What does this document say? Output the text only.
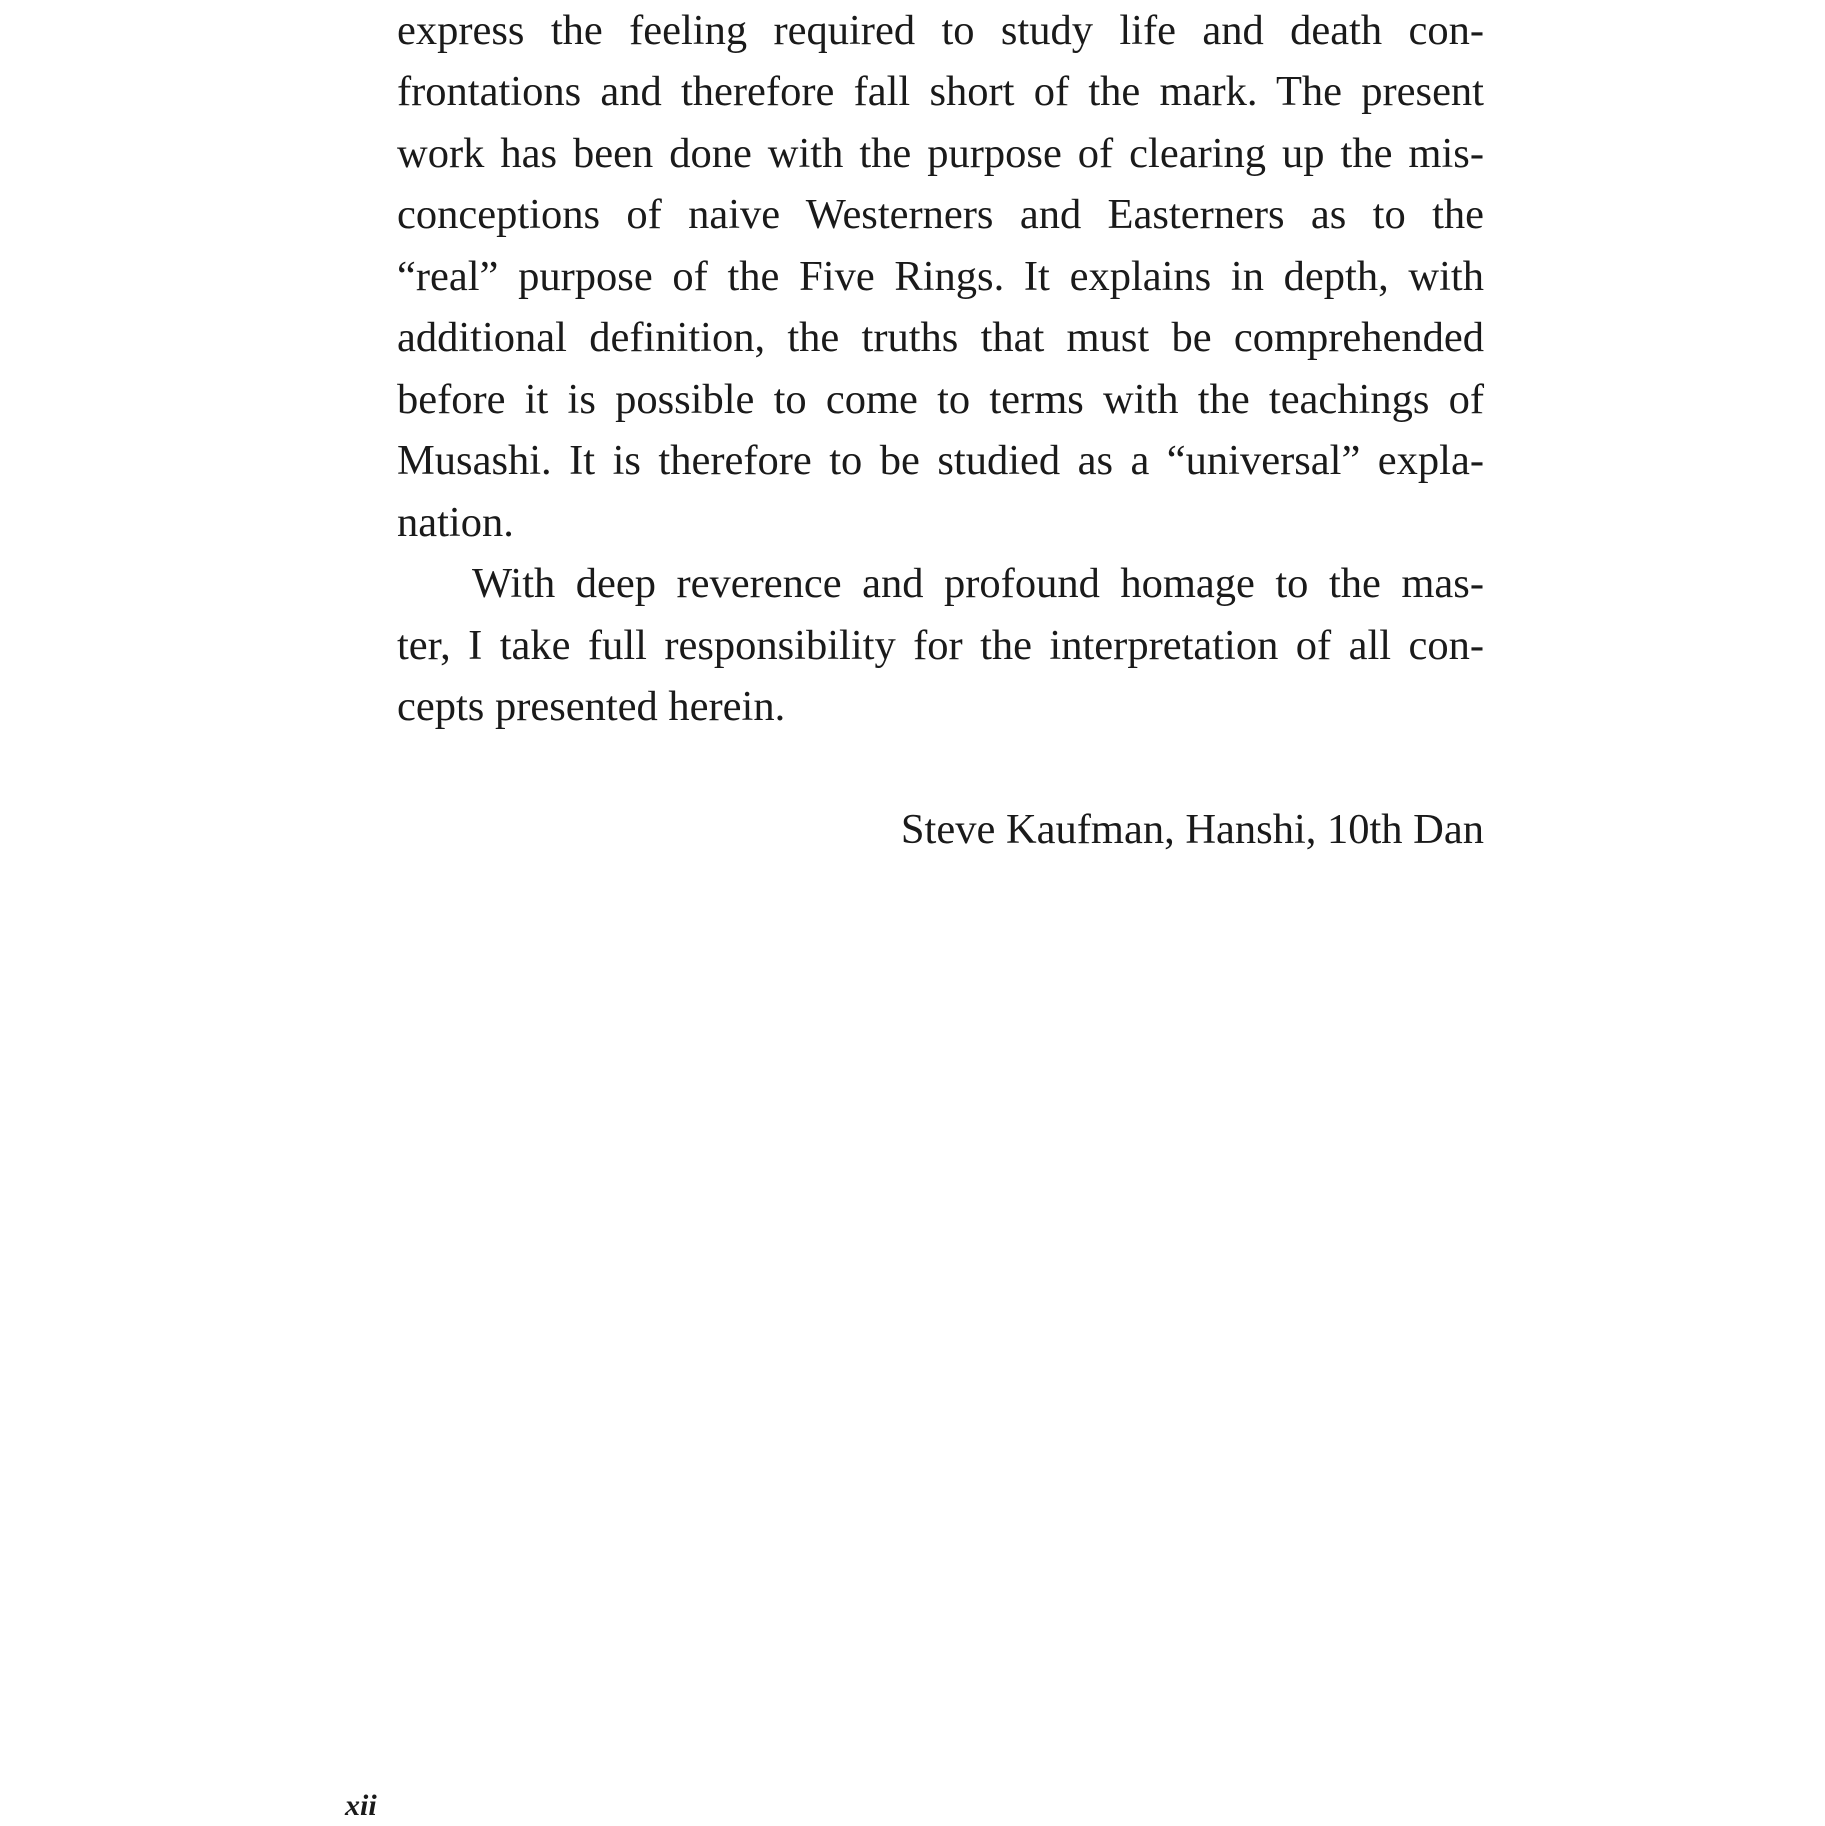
express the feeling required to study life and death con-
frontations and therefore fall short of the mark. The present
work has been done with the purpose of clearing up the mis-
conceptions of naive Westerners and Easterners as to the
“real” purpose of the Five Rings. It explains in depth, with
additional definition, the truths that must be comprehended
before it is possible to come to terms with the teachings of
Musashi. It is therefore to be studied as a “universal” expla-
nation.
With deep reverence and profound homage to the mas-
ter, I take full responsibility for the interpretation of all con-
cepts presented herein.
Steve Kaufman, Hanshi, 10th Dan
xii
